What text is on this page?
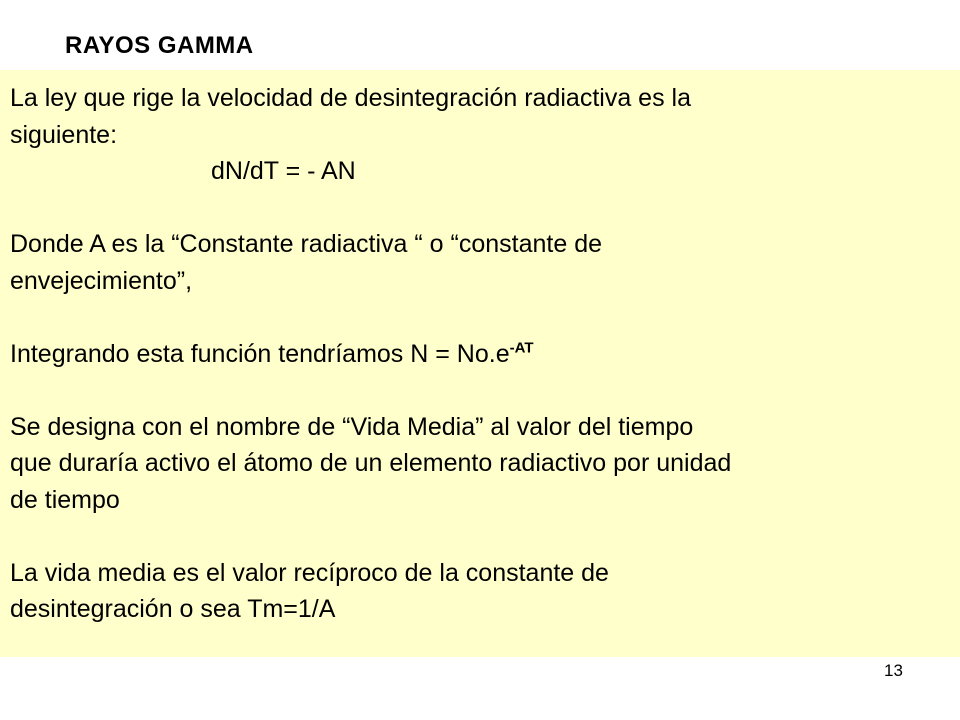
RAYOS GAMMA

La ley que rige la velocidad de desintegración radiactiva es la

siguiente:

dN/dT = - AN

Donde A es la “Constante radiactiva “ o “constante de

envejecimiento”,

Integrando esta función tendríamos $N = No.e^{-AT}$

Se designa con el nombre de “Vida Media” al valor del tiempo

que duraría activo el átomo de un elemento radiactivo por unidad

de tiempo

La vida media es el valor recíproco de la constante de

desintegración o sea Tm=1/A

13
